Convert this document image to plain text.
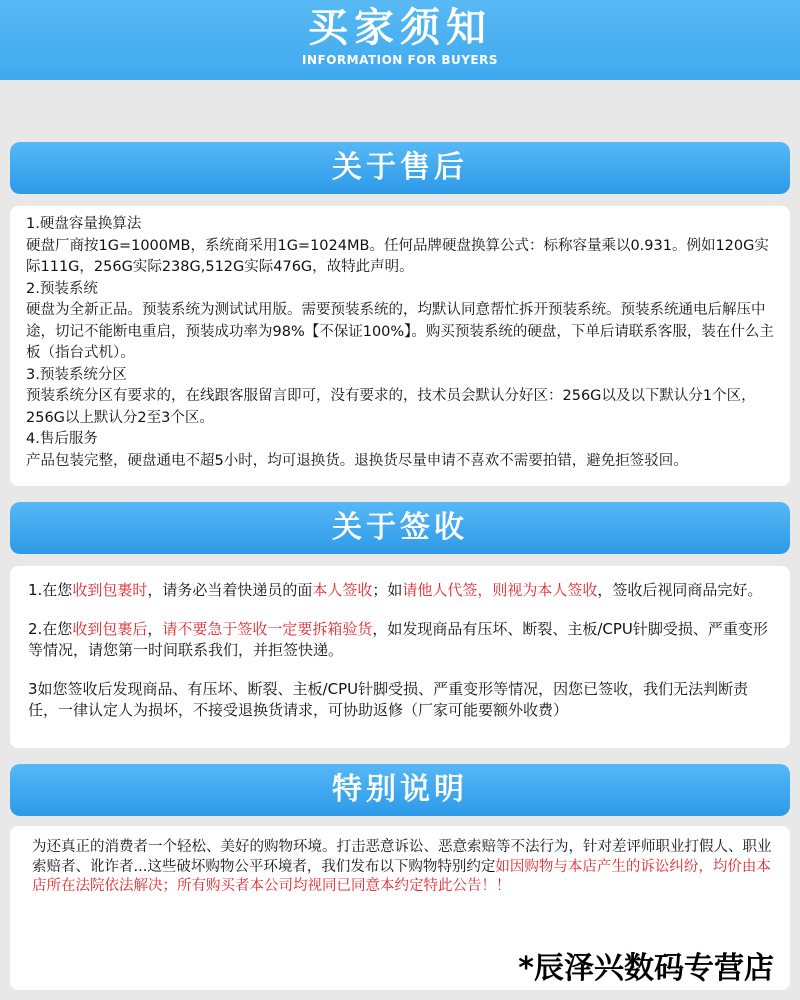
买家须知
INFORMATION FOR BUYERS
关于售后

1.硬盘容量换算法

硬盘厂商按1G=1000MB，系统商采用1G=1024MB。任何品牌硬盘换算公式：标称容量乘以0.931。例如120G实际111G，256G实际238G,512G实际476G，故特此声明。

2.预装系统

硬盘为全新正品。预装系统为测试试用版。需要预装系统的，均默认同意帮忙拆开预装系统。预装系统通电后解压中途，切记不能断电重启，预装成功率为98%【不保证100%】。购买预装系统的硬盘，下单后请联系客服，装在什么主板（指台式机）。

3.预装系统分区

预装系统分区有要求的，在线跟客服留言即可，没有要求的，技术员会默认分好区：256G以及以下默认分1个区，256G以上默认分2至3个区。

4.售后服务

产品包装完整，硬盘通电不超5小时，均可退换货。退换货尽量申请不喜欢不需要拍错，避免拒签驳回。

关于签收

1.在您收到包裹时，请务必当着快递员的面本人签收；如请他人代签，则视为本人签收，签收后视同商品完好。

2.在您收到包裹后，请不要急于签收一定要拆箱验货，如发现商品有压坏、断裂、主板/CPU针脚受损、严重变形等情况，请您第一时间联系我们，并拒签快递。

3如您签收后发现商品、有压坏、断裂、主板/CPU针脚受损、严重变形等情况，因您已签收，我们无法判断责任，一律认定人为损坏，不接受退换货请求，可协助返修（厂家可能要额外收费）

特别说明

为还真正的消费者一个轻松、美好的购物环境。打击恶意诉讼、恶意索赔等不法行为，针对差评师职业打假人、职业索赔者、讹诈者...这些破坏购物公平环境者，我们发布以下购物特别约定如因购物与本店产生的诉讼纠纷，均价由本店所在法院依法解决；所有购买者本公司均视同已同意本约定特此公告！！

*辰泽兴数码专营店
